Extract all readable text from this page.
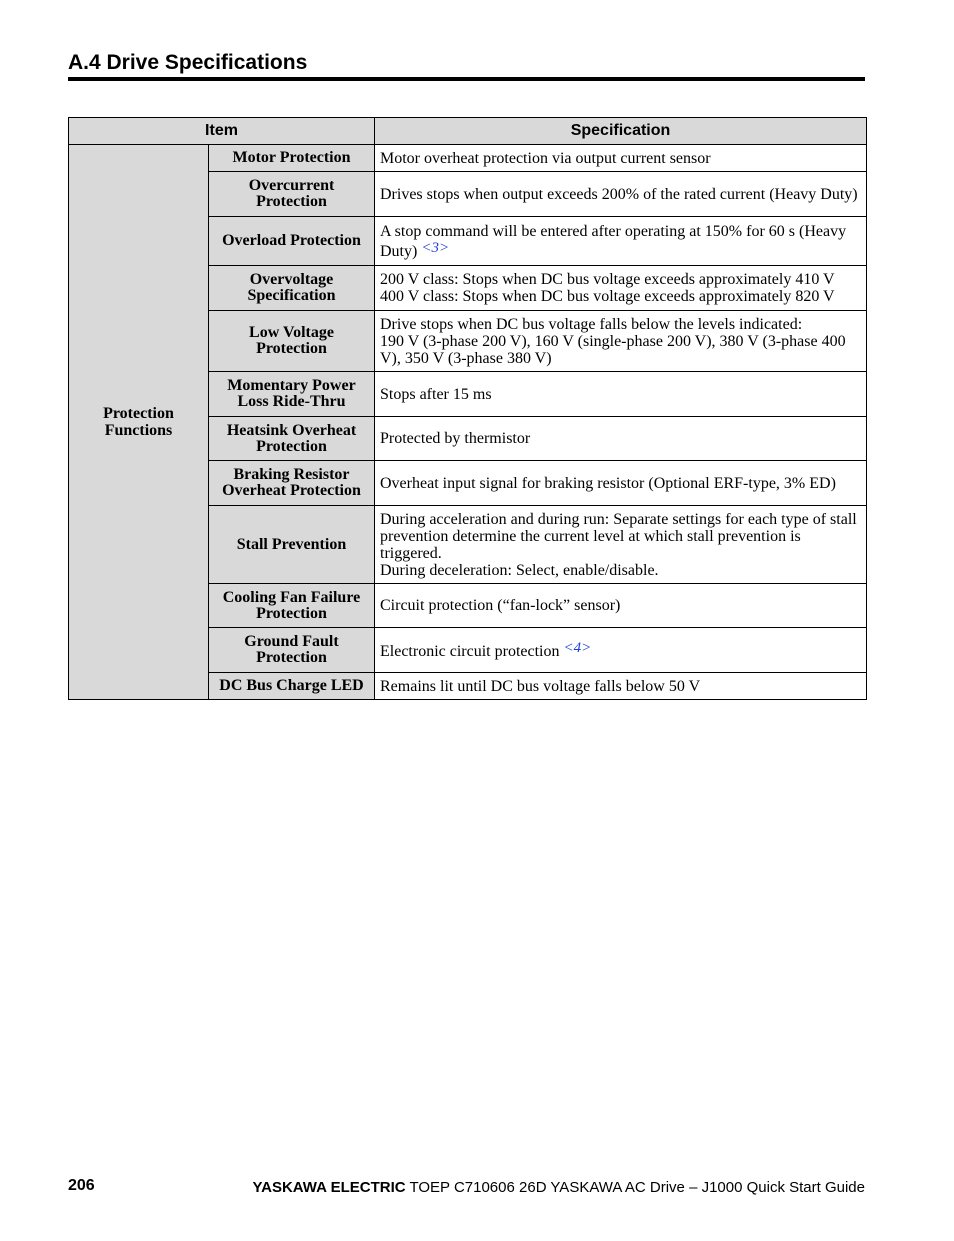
A.4 Drive Specifications
Item		Specification
Protection Functions	Motor Protection	Motor overheat protection via output current sensor
	Overcurrent Protection	Drives stops when output exceeds 200% of the rated current (Heavy Duty)
	Overload Protection	A stop command will be entered after operating at 150% for 60 s (Heavy Duty) <3>
	Overvoltage Specification	200 V class: Stops when DC bus voltage exceeds approximately 410 V
400 V class: Stops when DC bus voltage exceeds approximately 820 V

	Low Voltage Protection	Drive stops when DC bus voltage falls below the levels indicated:
190 V (3-phase 200 V), 160 V (single-phase 200 V), 380 V (3-phase 400 V), 350 V (3-phase 380 V)

	Momentary Power Loss Ride-Thru	Stops after 15 ms
	Heatsink Overheat Protection	Protected by thermistor
	Braking Resistor Overheat Protection	Overheat input signal for braking resistor (Optional ERF-type, 3% ED)
	Stall Prevention	During acceleration and during run: Separate settings for each type of stall prevention determine the current level at which stall prevention is triggered.
During deceleration: Select, enable/disable.

	Cooling Fan Failure Protection	Circuit protection (“fan-lock” sensor)
	Ground Fault Protection	Electronic circuit protection <4>
	DC Bus Charge LED	Remains lit until DC bus voltage falls below 50 V
206	YASKAWA ELECTRIC TOEP C710606 26D YASKAWA AC Drive – J1000 Quick Start Guide
